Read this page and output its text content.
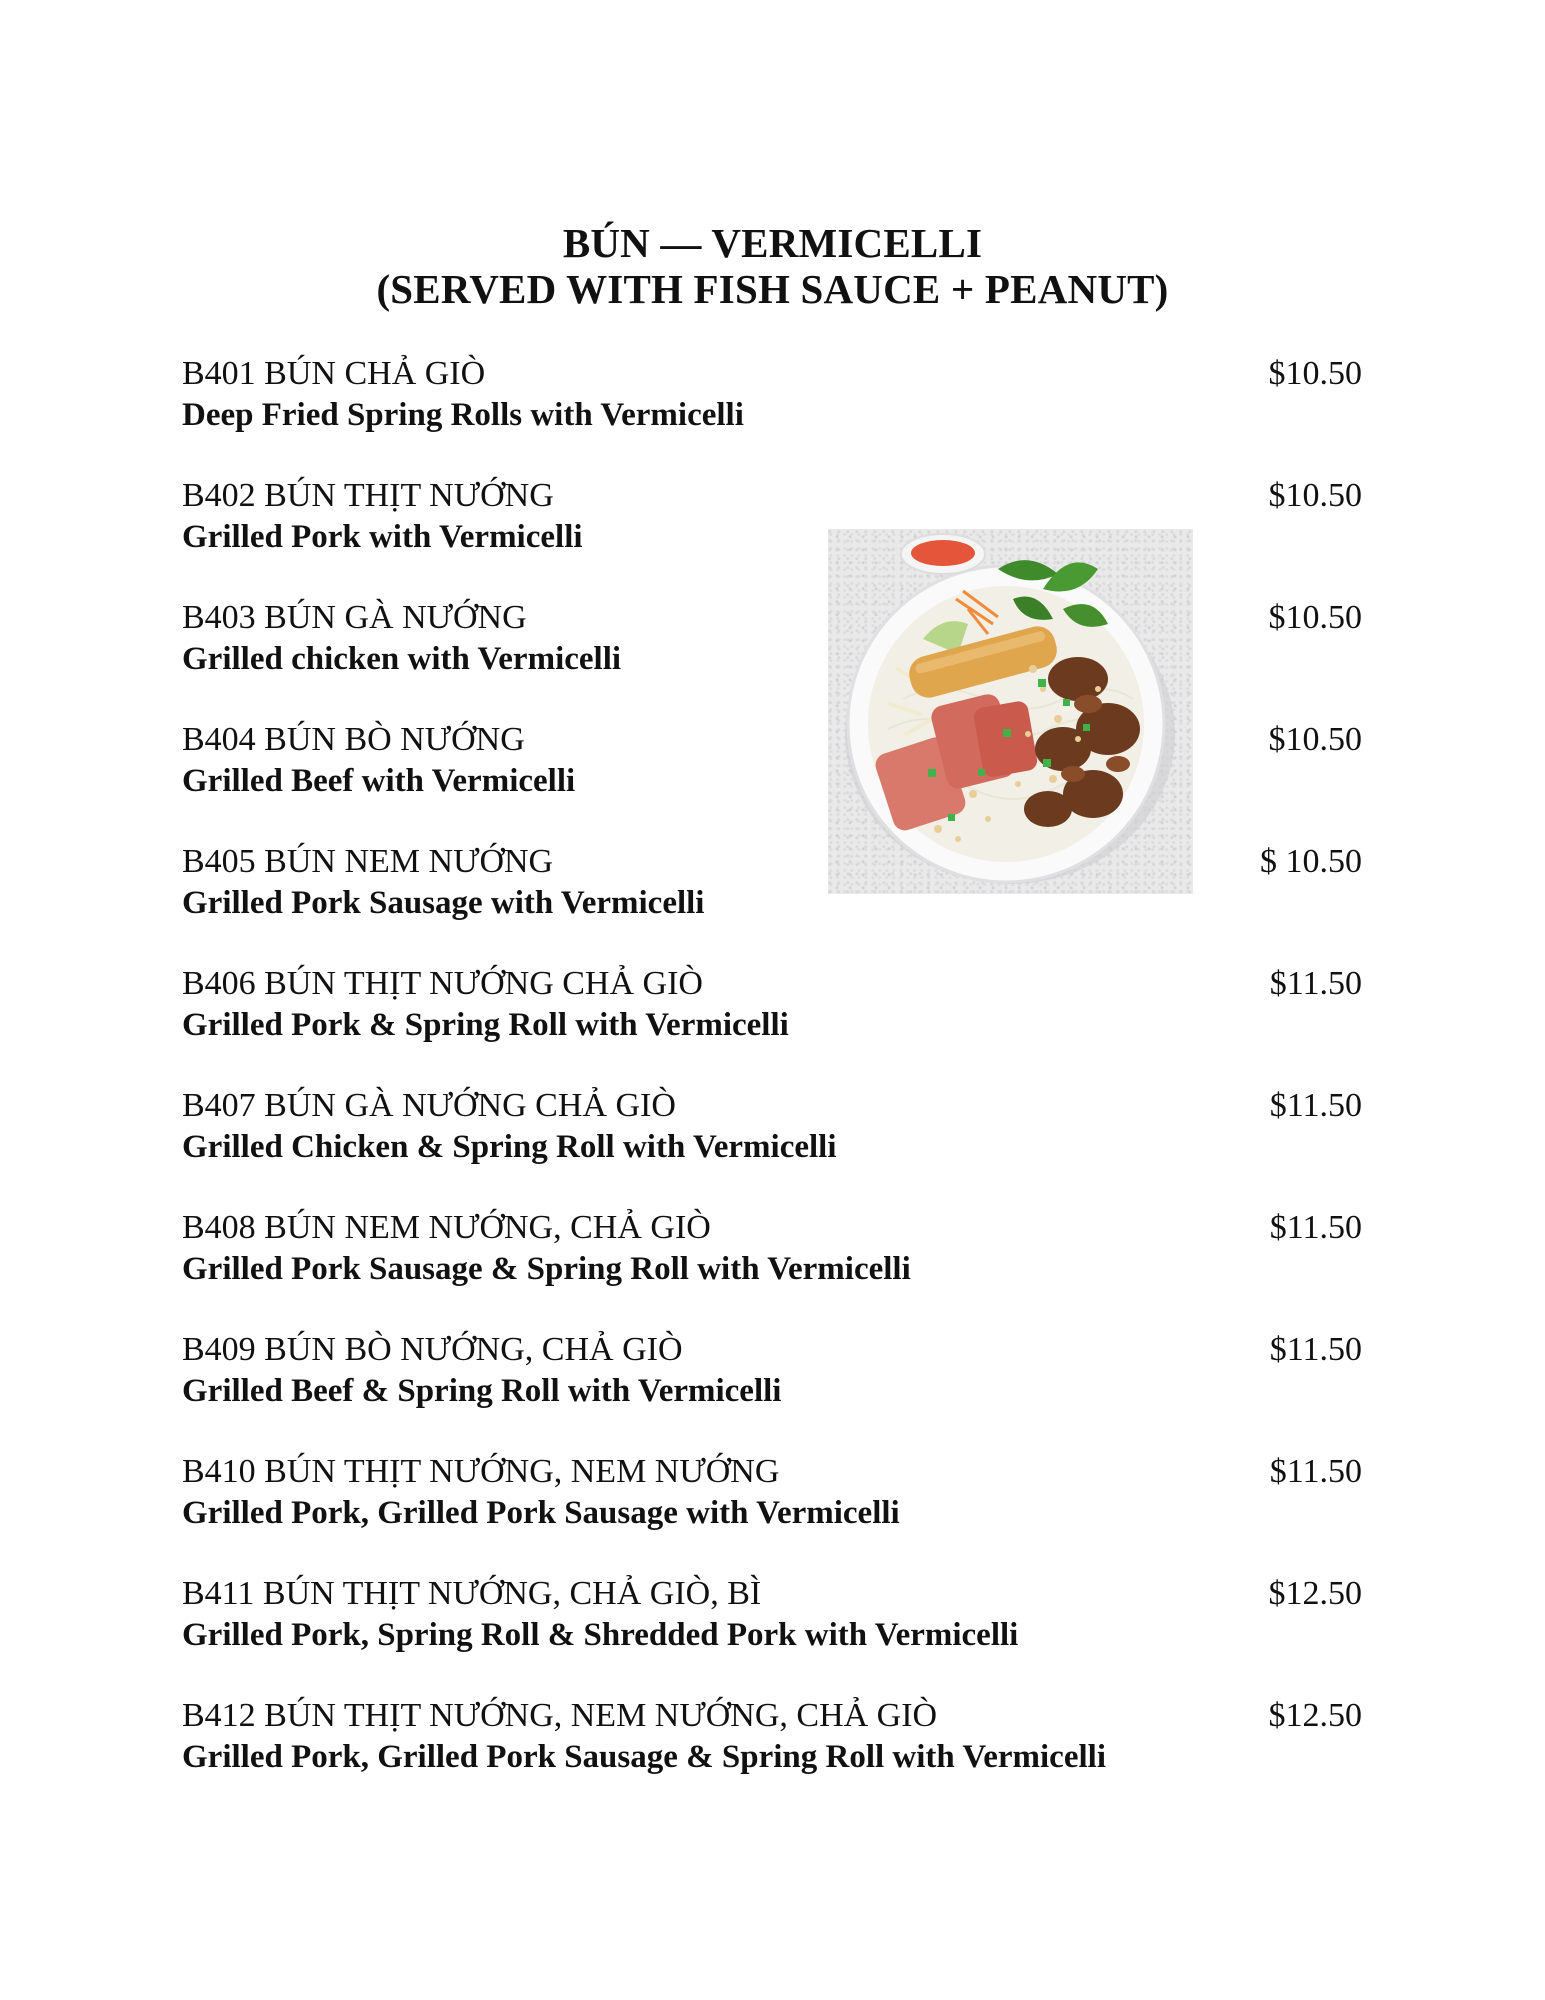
BÚN — VERMICELLI
(SERVED WITH FISH SAUCE + PEANUT)
B401 BÚN CHẢ GIÒ	$10.50
Deep Fried Spring Rolls with Vermicelli
B402 BÚN THỊT NƯỚNG	$10.50
Grilled Pork with Vermicelli
B403 BÚN GÀ NƯỚNG	$10.50
Grilled chicken with Vermicelli
B404 BÚN BÒ NƯỚNG	$10.50
Grilled Beef with Vermicelli
B405 BÚN NEM NƯỚNG	$ 10.50
Grilled Pork Sausage with Vermicelli
B406 BÚN THỊT NƯỚNG CHẢ GIÒ	$11.50
Grilled Pork & Spring Roll with Vermicelli
B407 BÚN GÀ NƯỚNG CHẢ GIÒ	$11.50
Grilled Chicken & Spring Roll with Vermicelli
B408 BÚN NEM NƯỚNG, CHẢ GIÒ	$11.50
Grilled Pork Sausage & Spring Roll with Vermicelli
B409 BÚN BÒ NƯỚNG, CHẢ GIÒ	$11.50
Grilled Beef & Spring Roll with Vermicelli
B410 BÚN THỊT NƯỚNG, NEM NƯỚNG	$11.50
Grilled Pork, Grilled Pork Sausage with Vermicelli
B411 BÚN THỊT NƯỚNG, CHẢ GIÒ, BÌ	$12.50
Grilled Pork, Spring Roll & Shredded Pork with Vermicelli
B412 BÚN THỊT NƯỚNG, NEM NƯỚNG, CHẢ GIÒ	$12.50
Grilled Pork, Grilled Pork Sausage & Spring Roll with Vermicelli
